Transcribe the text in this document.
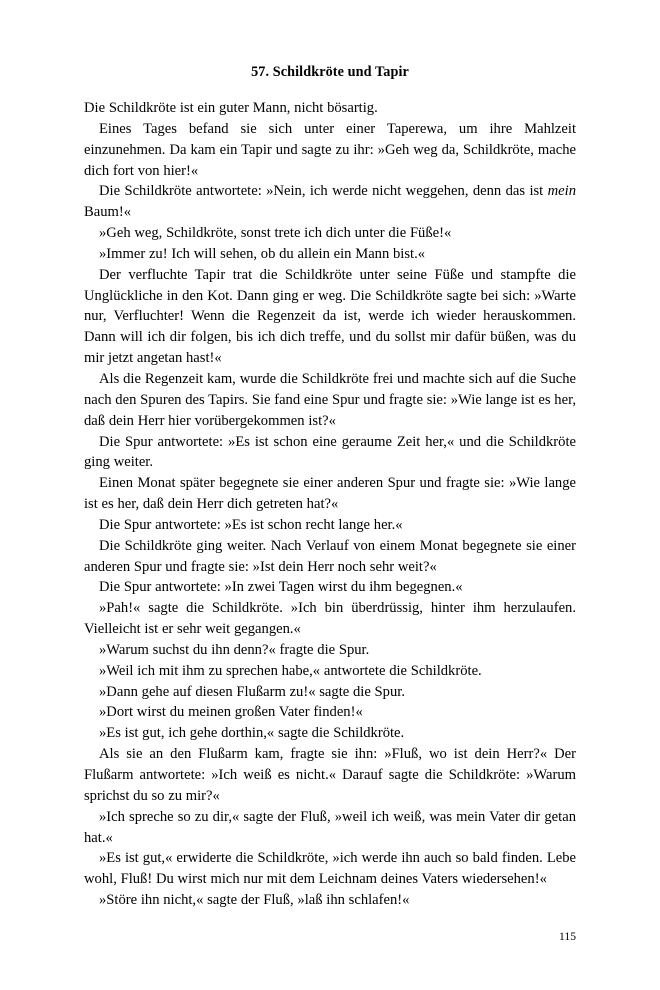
57. Schildkröte und Tapir

Die Schildkröte ist ein guter Mann, nicht bösartig.

Eines Tages befand sie sich unter einer Taperewa, um ihre Mahlzeit einzunehmen. Da kam ein Tapir und sagte zu ihr: »Geh weg da, Schildkröte, mache dich fort von hier!«

Die Schildkröte antwortete: »Nein, ich werde nicht weggehen, denn das ist mein Baum!«

»Geh weg, Schildkröte, sonst trete ich dich unter die Füße!«

»Immer zu! Ich will sehen, ob du allein ein Mann bist.«

Der verfluchte Tapir trat die Schildkröte unter seine Füße und stampfte die Unglückliche in den Kot. Dann ging er weg. Die Schildkröte sagte bei sich: »Warte nur, Verfluchter! Wenn die Regenzeit da ist, werde ich wieder herauskommen. Dann will ich dir folgen, bis ich dich treffe, und du sollst mir dafür büßen, was du mir jetzt angetan hast!«

Als die Regenzeit kam, wurde die Schildkröte frei und machte sich auf die Suche nach den Spuren des Tapirs. Sie fand eine Spur und fragte sie: »Wie lange ist es her, daß dein Herr hier vorübergekommen ist?«

Die Spur antwortete: »Es ist schon eine geraume Zeit her,« und die Schildkröte ging weiter.

Einen Monat später begegnete sie einer anderen Spur und fragte sie: »Wie lange ist es her, daß dein Herr dich getreten hat?«

Die Spur antwortete: »Es ist schon recht lange her.«

Die Schildkröte ging weiter. Nach Verlauf von einem Monat begegnete sie einer anderen Spur und fragte sie: »Ist dein Herr noch sehr weit?«

Die Spur antwortete: »In zwei Tagen wirst du ihm begegnen.«

»Pah!« sagte die Schildkröte. »Ich bin überdrüssig, hinter ihm herzulaufen. Vielleicht ist er sehr weit gegangen.«

»Warum suchst du ihn denn?« fragte die Spur.

»Weil ich mit ihm zu sprechen habe,« antwortete die Schildkröte.

»Dann gehe auf diesen Flußarm zu!« sagte die Spur.

»Dort wirst du meinen großen Vater finden!«

»Es ist gut, ich gehe dorthin,« sagte die Schildkröte.

Als sie an den Flußarm kam, fragte sie ihn: »Fluß, wo ist dein Herr?« Der Flußarm antwortete: »Ich weiß es nicht.« Darauf sagte die Schildkröte: »Warum sprichst du so zu mir?«

»Ich spreche so zu dir,« sagte der Fluß, »weil ich weiß, was mein Vater dir getan hat.«

»Es ist gut,« erwiderte die Schildkröte, »ich werde ihn auch so bald finden. Lebe wohl, Fluß! Du wirst mich nur mit dem Leichnam deines Vaters wiedersehen!«

»Störe ihn nicht,« sagte der Fluß, »laß ihn schlafen!«

115
